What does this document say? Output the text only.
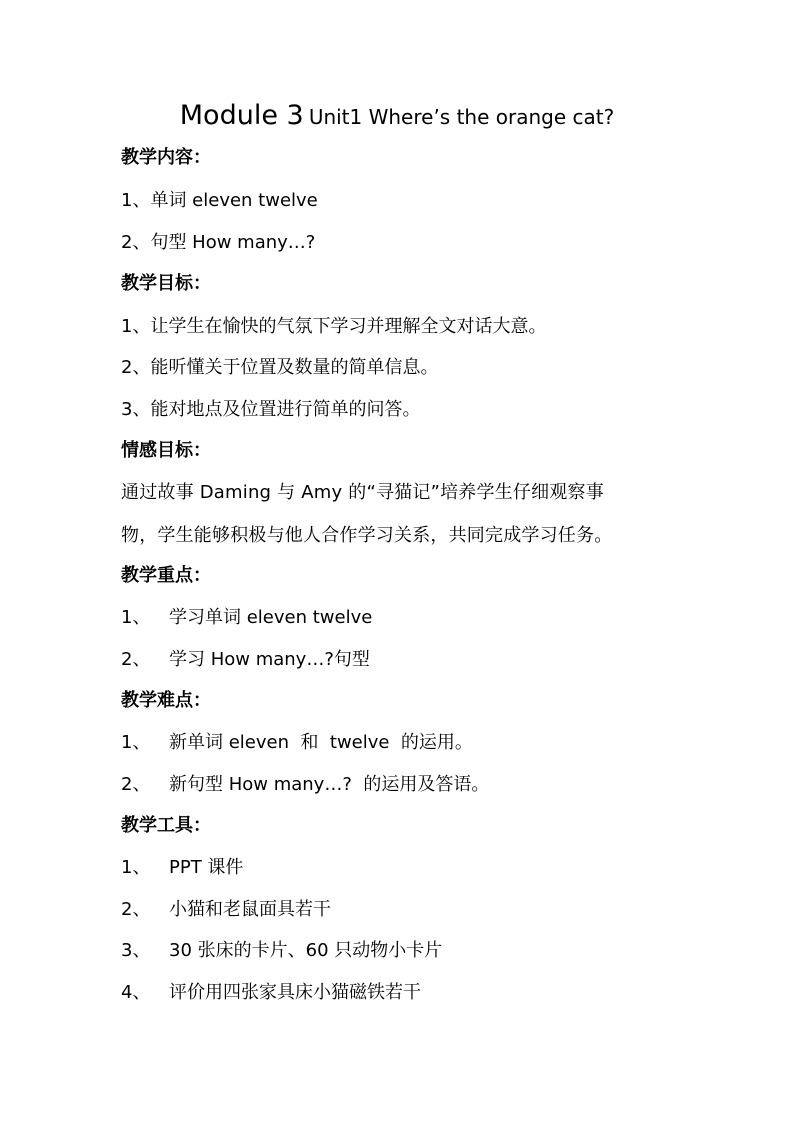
Module 3 Unit1 Where’s the orange cat?
教学内容：
1、单词 eleven twelve
2、句型 How many…?
教学目标：
1、让学生在愉快的气氛下学习并理解全文对话大意。
2、能听懂关于位置及数量的简单信息。
3、能对地点及位置进行简单的问答。
情感目标：
通过故事 Daming 与 Amy 的“寻猫记”培养学生仔细观察事
物，学生能够积极与他人合作学习关系，共同完成学习任务。
教学重点：
1、 学习单词 eleven twelve
2、 学习 How many…?句型
教学难点：
1、 新单词 eleven  和  twelve  的运用。
2、 新句型 How many…?  的运用及答语。
教学工具：
1、 PPT 课件
2、 小猫和老鼠面具若干
3、 30 张床的卡片、60 只动物小卡片
4、 评价用四张家具床小猫磁铁若干
